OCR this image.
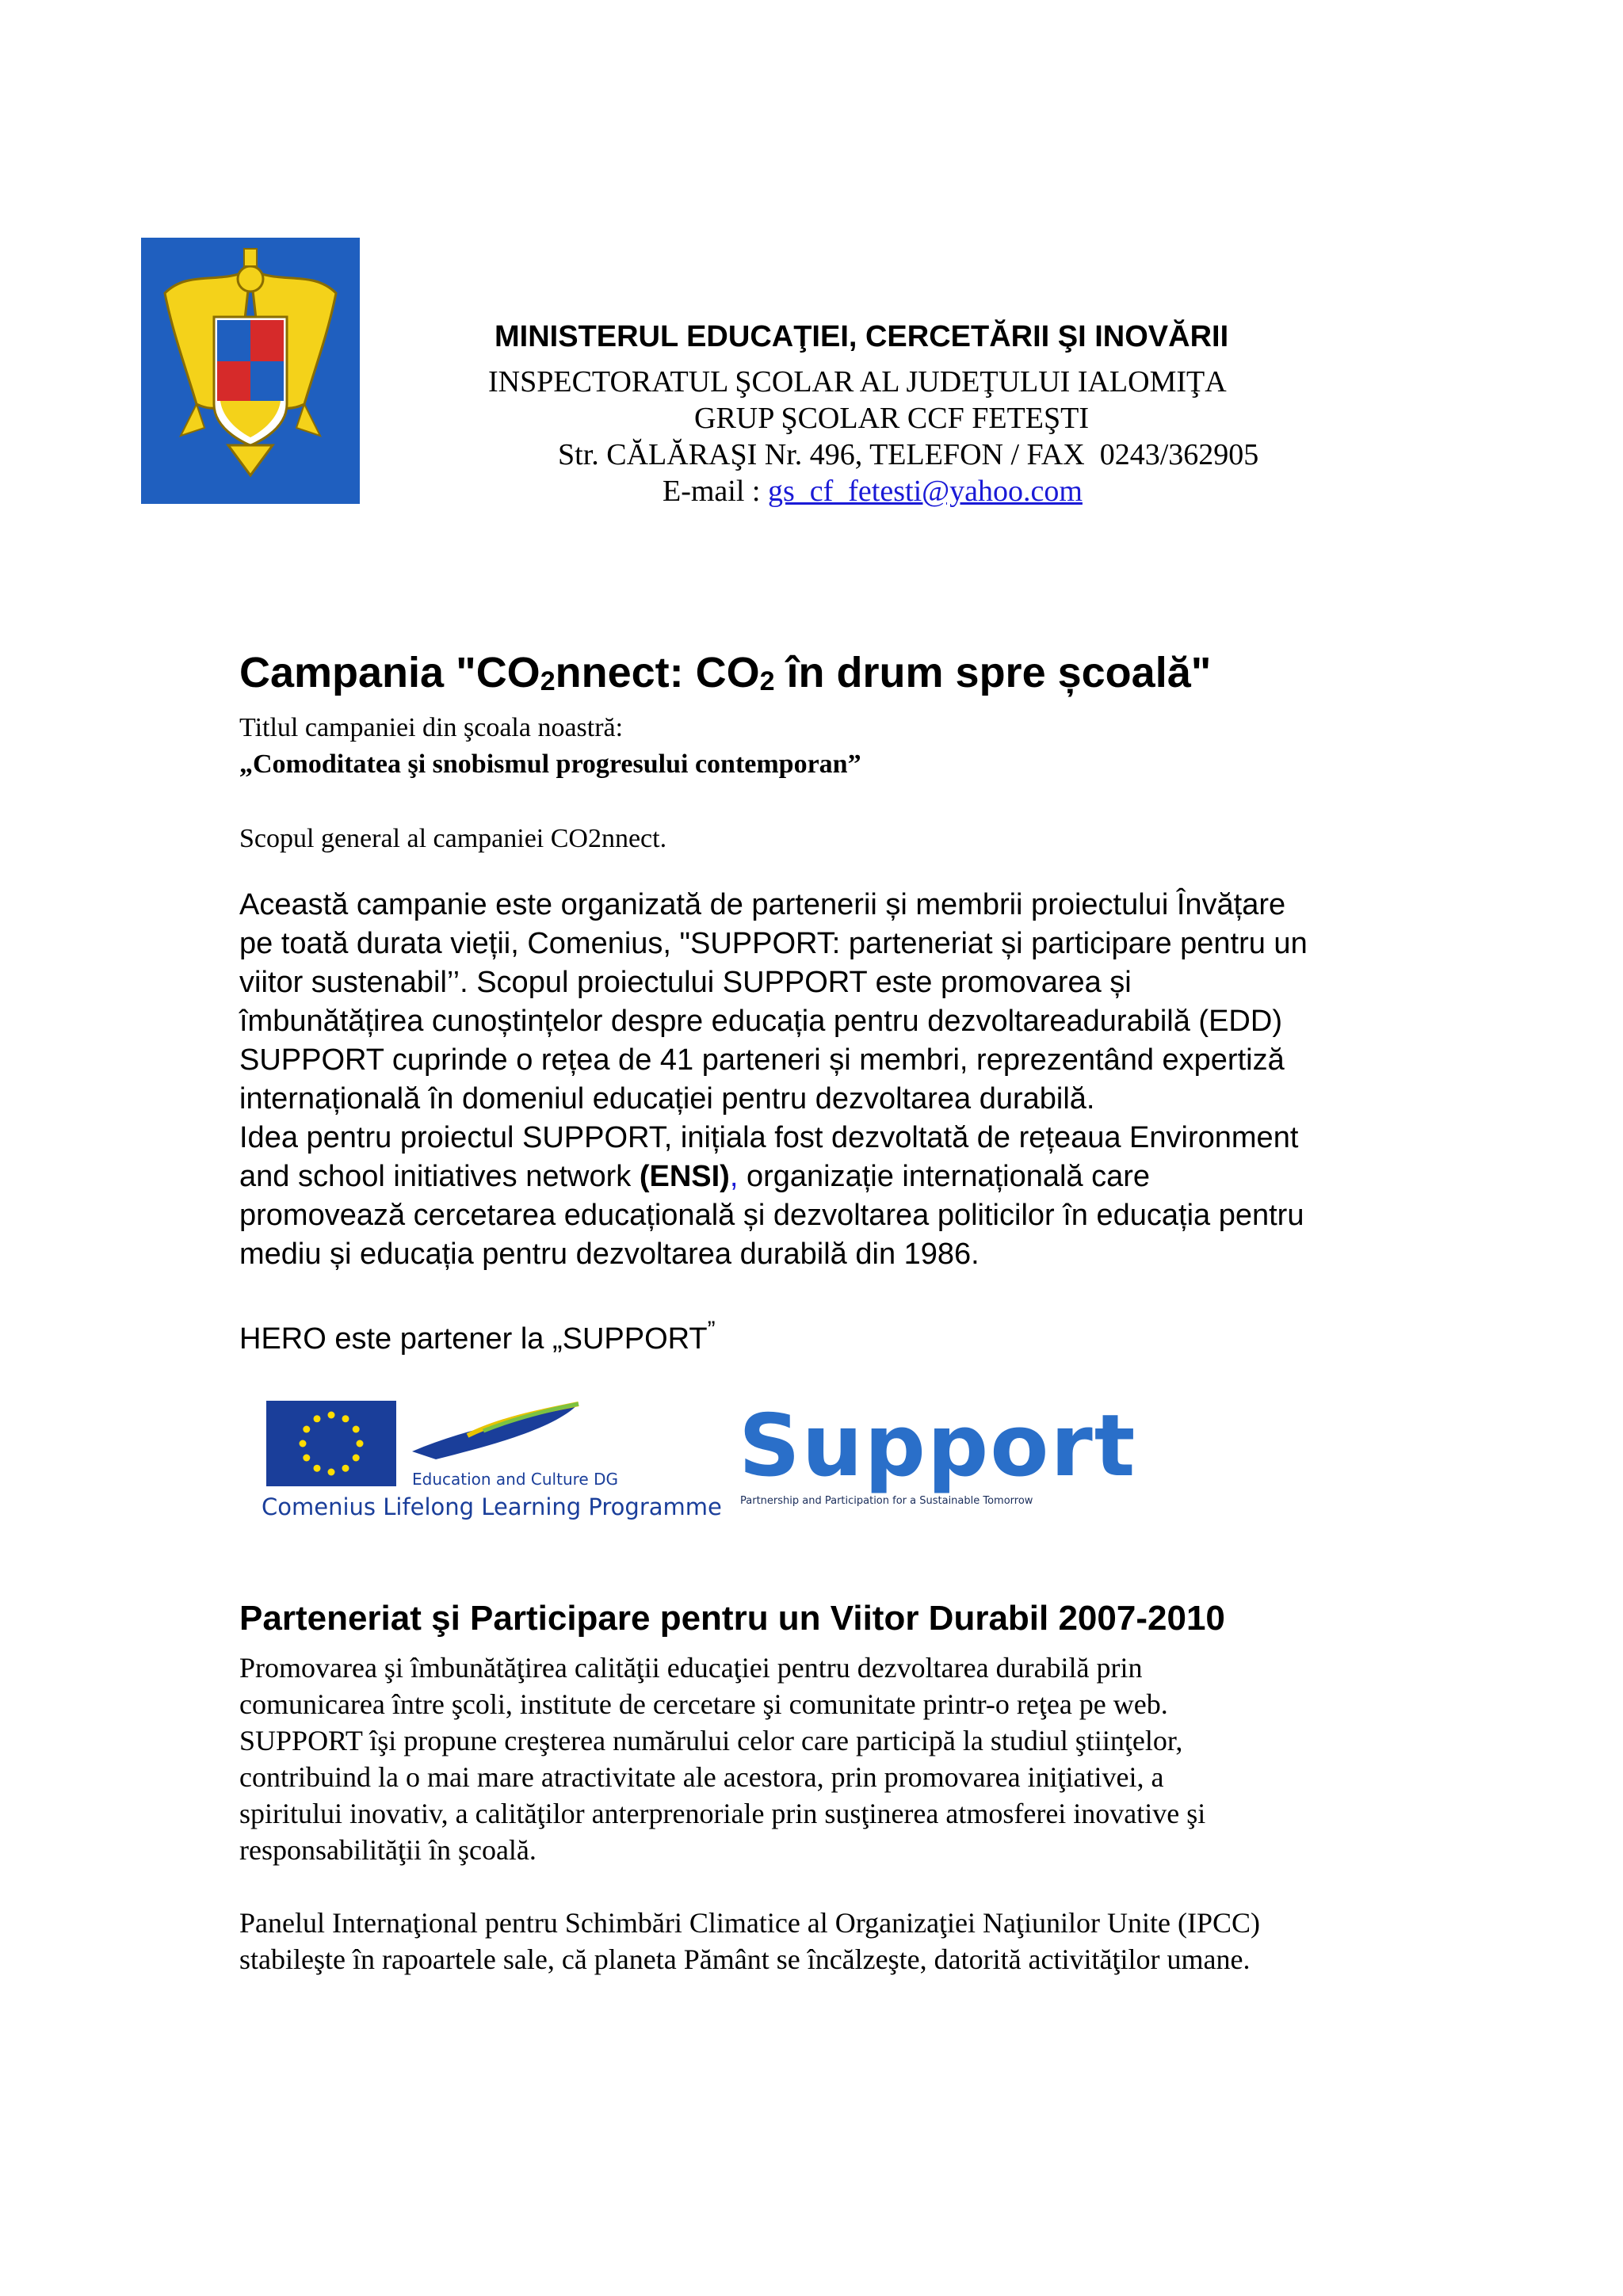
MINISTERUL EDUCAŢIEI, CERCETĂRII ŞI INOVĂRII
INSPECTORATUL ŞCOLAR AL JUDEŢULUI IALOMIŢA
GRUP ŞCOLAR CCF FETEŞTI
Str. CĂLĂRAŞI Nr. 496, TELEFON / FAX  0243/362905
E-mail : gs_cf_fetesti@yahoo.com
Campania "$CO_2nnect$: $CO_2$ în drum spre școală"
Titlul campaniei din şcoala noastră:
„Comoditatea şi snobismul progresului contemporan”
Scopul general al campaniei CO2nnect.
Această campanie este organizată de partenerii și membrii proiectului Învățare
pe toată durata vieții, Comenius, "SUPPORT: parteneriat și participare pentru un
viitor sustenabil’’. Scopul proiectului SUPPORT este promovarea și
îmbunătățirea cunoștințelor despre educația pentru dezvoltareadurabilă (EDD)
SUPPORT cuprinde o rețea de 41 parteneri și membri, reprezentând expertiză
internațională în domeniul educației pentru dezvoltarea durabilă.
Idea pentru proiectul SUPPORT, inițiala fost dezvoltată de rețeaua Environment
and school initiatives network (ENSI), organizație internațională care
promovează cercetarea educațională și dezvoltarea politicilor în educația pentru
mediu și educația pentru dezvoltarea durabilă din 1986.
HERO este partener la „SUPPORT”
Education and Culture DG
Comenius Lifelong Learning Programme
Support
Partnership and Participation for a Sustainable Tomorrow
Parteneriat şi Participare pentru un Viitor Durabil 2007-2010
Promovarea şi îmbunătăţirea calităţii educaţiei pentru dezvoltarea durabilă prin
comunicarea între şcoli, institute de cercetare şi comunitate printr-o reţea pe web.
SUPPORT îşi propune creşterea numărului celor care participă la studiul ştiinţelor,
contribuind la o mai mare atractivitate ale acestora, prin promovarea iniţiativei, a
spiritului inovativ, a calităţilor anterprenoriale prin susţinerea atmosferei inovative şi
responsabilităţii în şcoală.
Panelul Internaţional pentru Schimbări Climatice al Organizaţiei Naţiunilor Unite (IPCC)
stabileşte în rapoartele sale, că planeta Pământ se încălzeşte, datorită activităţilor umane.
